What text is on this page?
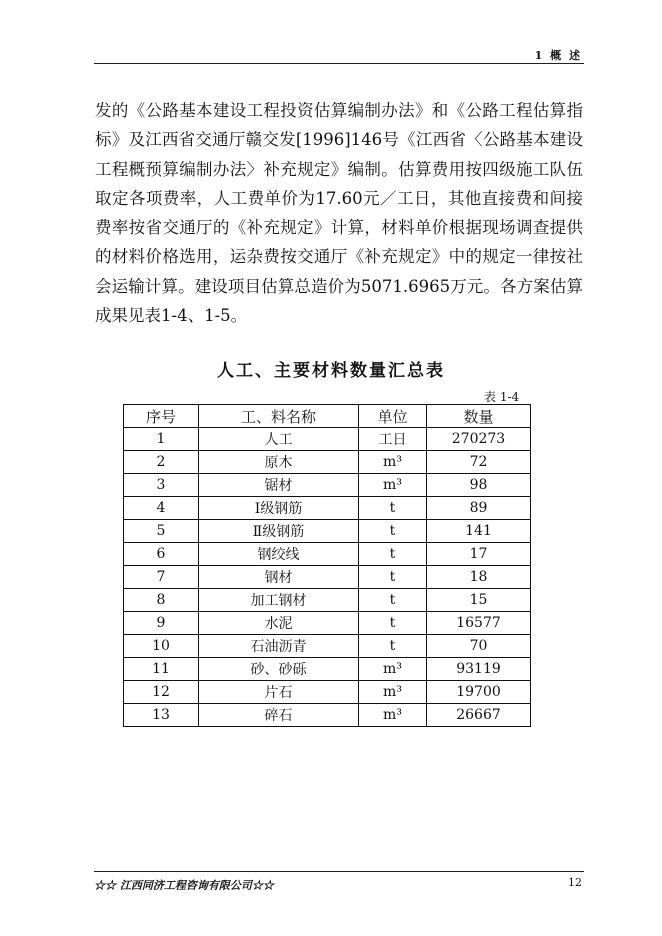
1 概 述

发的《公路基本建设工程投资估算编制办法》和《公路工程估算指标》及江西省交通厅赣交发[1996]146号《江西省〈公路基本建设工程概预算编制办法〉补充规定》编制。估算费用按四级施工队伍取定各项费率，人工费单价为17.60元／工日，其他直接费和间接费率按省交通厅的《补充规定》计算，材料单价根据现场调查提供的材料价格选用，运杂费按交通厅《补充规定》中的规定一律按社会运输计算。建设项目估算总造价为5071.6965万元。各方案估算成果见表1-4、1-5。

人工、主要材料数量汇总表
表 1-4
序号	工、料名称	单位	数量
1	人工	工日	270273
2	原木	m³	72
3	锯材	m³	98
4	Ⅰ级钢筋	t	89
5	Ⅱ级钢筋	t	141
6	钢绞线	t	17
7	钢材	t	18
8	加工钢材	t	15
9	水泥	t	16577
10	石油沥青	t	70
11	砂、砂砾	m³	93119
12	片石	m³	19700
13	碎石	m³	26667
☆☆ 江西同济工程咨询有限公司☆☆	12
